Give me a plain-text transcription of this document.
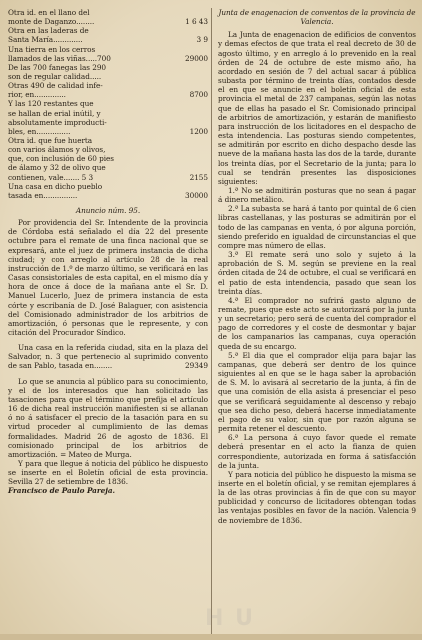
Otra id. en el llano del
monte de Daganzo........	1 6 43
Otra en las laderas de
Santa María.............	3 9
Una tierra en los cerros
llamados de las viñas.....700	29000
De las 700 fanegas las 290
son de regular calidad.....
Otras 490 de calidad infe-
rior, en..............	8700
Y las 120 restantes que
se hallan de erial inútil, y
absolutamente improducti-
bles, en...............	1200
Otra id. que fue huerta
con varios álamos y olivos,
que, con inclusión de 60 pies
de álamo y 32 de olivo que
contienen, vale....... 5 3	2155
Una casa en dicho pueblo
tasada en...............	30000
Anuncio núm. 95.

Por providencia del Sr. Intendente de la provincia de Córdoba está señalado el día 22 del presente octubre para el remate de una finca nacional que se expresará, ante el juez de primera instancia de dicha ciudad; y con arreglo al artículo 28 de la real instrucción de 1.º de marzo último, se verificará en las Casas consistoriales de esta capital, en el mismo día y hora de once á doce de la mañana ante el Sr. D. Manuel Lucerlo, Juez de primera instancia de esta córte y escribanía de D. José Balaguer, con asistencia del Comisionado administrador de los arbitrios de amortización, ó personas que le represente, y con citación del Procurador Síndico.

Una casa en la referida ciudad, sita en la plaza del Salvador, n. 3 que pertenecio al suprimido convento de san Pablo, tasada en........	29349

Lo que se anuncia al público para su conocimiento, y el de los interesados que han solicitado las tasaciones para que el término que prefija el artículo 16 de dicha real instrucción manifiesten si se allanan ó no á satisfacer el precio de la tasación para en su virtud proceder al cumplimiento de las demas formalidades. Madrid 26 de agosto de 1836. El comisionado principal de los arbitrios de amortización. = Mateo de Murga.

Y para que llegue á noticia del público he dispuesto se inserte en el Boletín oficial de esta provincia. Sevilla 27 de setiembre de 1836.

Francisco de Paulo Pareja.
Junta de enagenacion de conventos de la provincia de Valencia.

La Junta de enagenacion de edificios de conventos y demas efectos de que trata el real decreto de 30 de agosto último, y en arreglo á lo prevenido en la real órden de 24 de octubre de este mismo año, ha acordado en sesión de 7 del actual sacar á pública subasta por término de treinta días, contados desde el en que se anuncie en el boletín oficial de esta provincia el metal de 237 campanas, según las notas que de ellas ha pasado el Sr. Comisionado principal de arbitrios de amortización, y estarán de manifiesto para instrucción de los licitadores en el despacho de esta intendencia. Las posturas siendo competentes, se admitirán por escrito en dicho despacho desde las nueve de la mañana hasta las dos de la tarde, durante los treinta días, por el Secretario de la junta; para lo cual se tendrán presentes las disposiciones siguientes:

1.ª No se admitirán posturas que no sean á pagar á dinero metálico.

2.ª La subasta se hará á tanto por quintal de 6 cien libras castellanas, y las posturas se admitirán por el todo de las campanas en venta, ó por alguna porción, siendo preferido en igualdad de circunstancias el que compre mas número de ellas.

3.ª El remate será uno solo y sujeto á la aprobación de S. M. según se previene en la real órden citada de 24 de octubre, el cual se verificará en el patio de esta intendencia, pasado que sean los treinta días.

4.ª El comprador no sufrirá gasto alguno de remate, pues que este acto se autorizará por la junta y un secretario; pero será de cuenta del comprador el pago de corredores y el coste de desmontar y bajar de los campanarios las campanas, cuya operación queda de su encargo.

5.ª El dia que el comprador elija para bajar las campanas, que deberá ser dentro de los quince siguientes al en que se le haga saber la aprobación de S. M. lo avisará al secretario de la junta, á fin de que una comisión de ella asista á presenciar el peso que se verificará seguidamente al descenso y rebajo que sea dicho peso, deberá hacerse inmediatamente el pago de su valor, sin que por razón alguna se permita retener el descuento.

6.ª La persona á cuyo favor quede el remate deberá presentar en el acto la fianza de quien correspondiente, autorizada en forma á satisfacción de la junta.

Y para noticia del público he dispuesto la misma se inserte en el boletín oficial, y se remitan ejemplares á la de las otras provincias á fin de que con su mayor publicidad y concurso de licitadores obtengan todas las ventajas posibles en favor de la nación. Valencia 9 de noviembre de 1836.

H U
